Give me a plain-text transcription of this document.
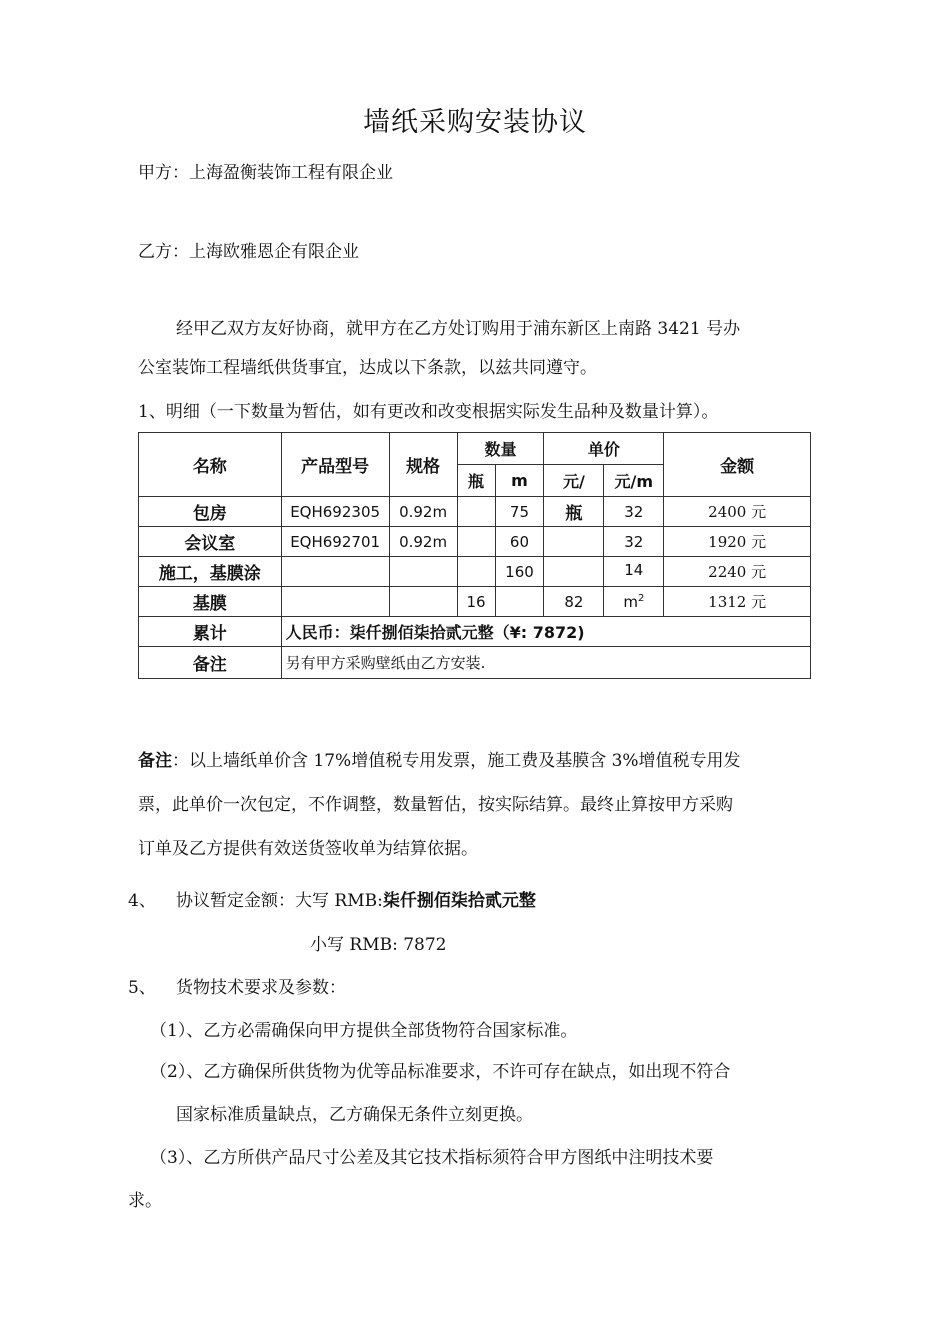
墙纸采购安装协议
甲方：上海盈衡装饰工程有限企业
乙方：上海欧雅恩企有限企业
经甲乙双方友好协商，就甲方在乙方处订购用于浦东新区上南路 3421 号办
公室装饰工程墙纸供货事宜，达成以下条款，以兹共同遵守。
1、明细（一下数量为暂估，如有更改和改变根据实际发生品种及数量计算）。
名称	产品型号	规格	数量		单价		金额
			瓶	m	元/	元/m	
包房	EQH692305	0.92m		75	瓶	32	2400 元
会议室	EQH692701	0.92m		60		32	1920 元
施工，基膜涂				160		14	2240 元
基膜			16		82	$m^2$	1312 元
累计	人民币：柒仟捌佰柒拾贰元整（¥: 7872)						
备注	另有甲方采购壁纸由乙方安装.						
备注：以上墙纸单价含 17%增值税专用发票，施工费及基膜含 3%增值税专用发
票，此单价一次包定，不作调整，数量暂估，按实际结算。最终止算按甲方采购
订单及乙方提供有效送货签收单为结算依据。
4、 协议暂定金额：大写 RMB:柒仟捌佰柒拾贰元整
小写 RMB: 7872
5、 货物技术要求及参数：
（1）、乙方必需确保向甲方提供全部货物符合国家标准。
（2）、乙方确保所供货物为优等品标准要求，不许可存在缺点，如出现不符合
国家标准质量缺点，乙方确保无条件立刻更换。
（3）、乙方所供产品尺寸公差及其它技术指标须符合甲方图纸中注明技术要
求。
